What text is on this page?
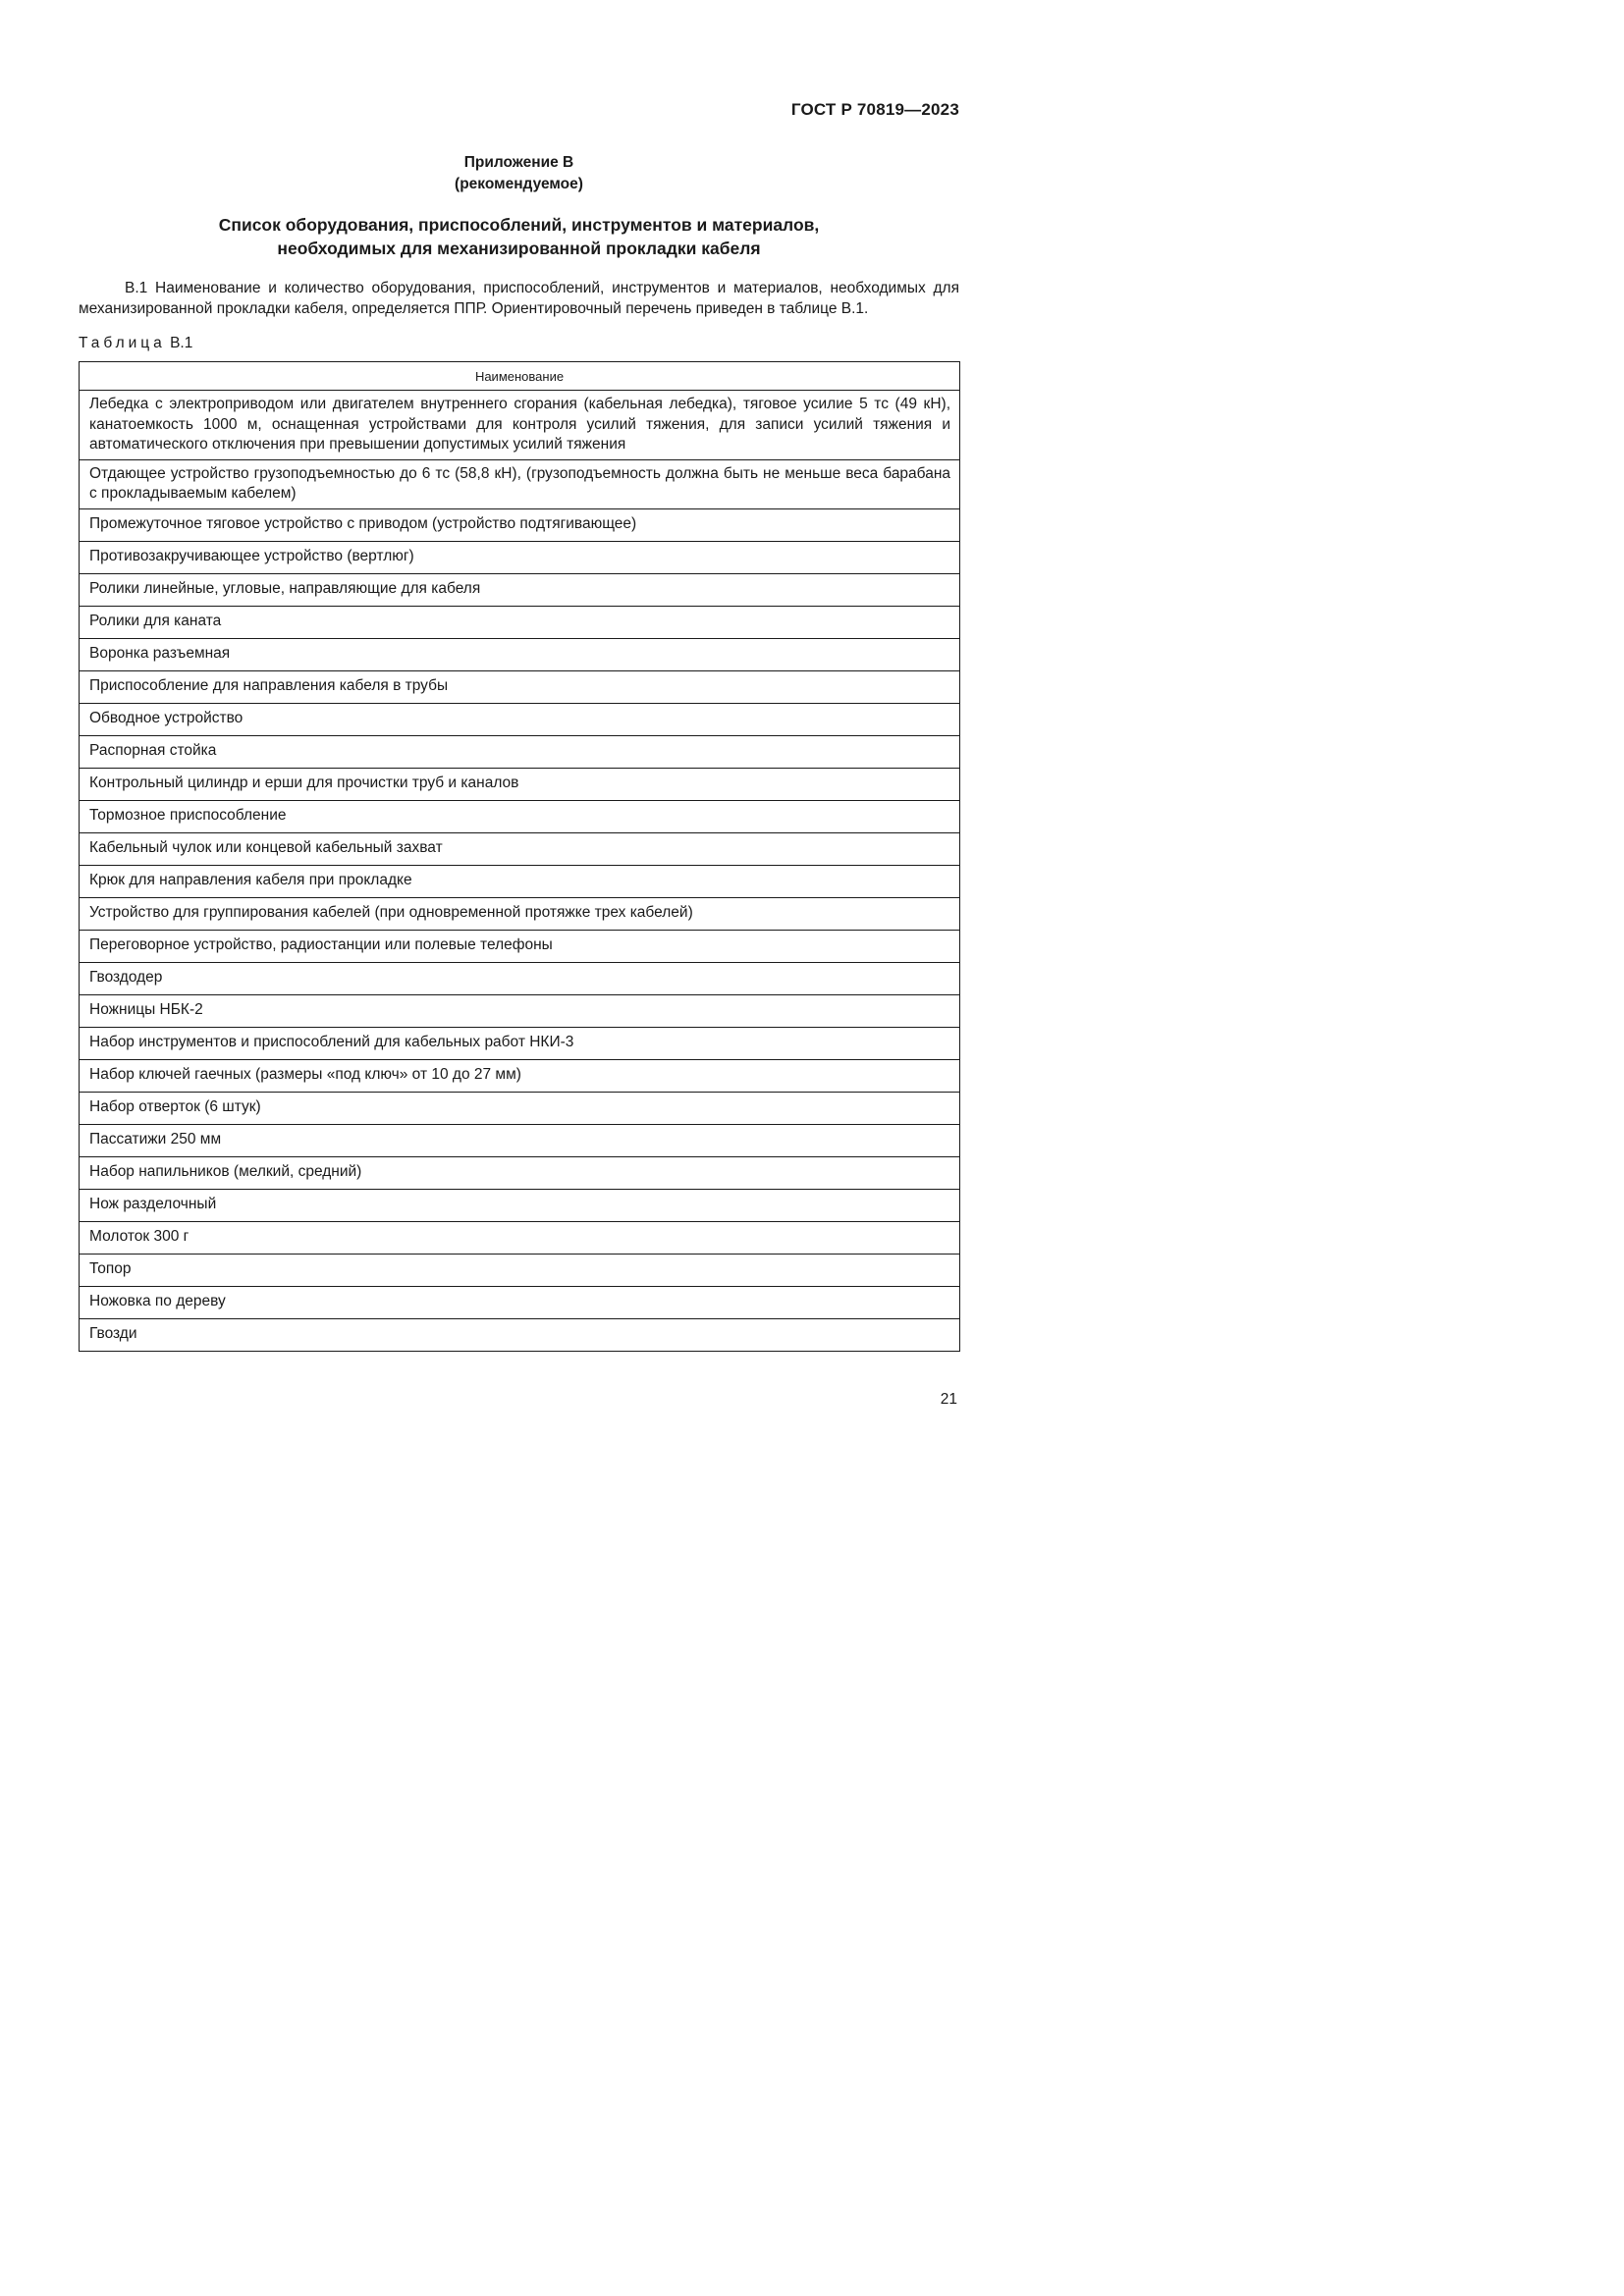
ГОСТ Р 70819—2023
Приложение В
(рекомендуемое)
Список оборудования, приспособлений, инструментов и материалов,
необходимых для механизированной прокладки кабеля

В.1 Наименование и количество оборудования, приспособлений, инструментов и материалов, необходимых для механизированной прокладки кабеля, определяется ППР. Ориентировочный перечень приведен в таблице В.1.

Таблица В.1
Наименование
Лебедка с электроприводом или двигателем внутреннего сгорания (кабельная лебедка), тяговое усилие 5 тс (49 кН), канатоемкость 1000 м, оснащенная устройствами для контроля усилий тяжения, для записи усилий тяжения и автоматического отключения при превышении допустимых усилий тяжения
Отдающее устройство грузоподъемностью до 6 тс (58,8 кН), (грузоподъемность должна быть не меньше веса барабана с прокладываемым кабелем)
Промежуточное тяговое устройство с приводом (устройство подтягивающее)
Противозакручивающее устройство (вертлюг)
Ролики линейные, угловые, направляющие для кабеля
Ролики для каната
Воронка разъемная
Приспособление для направления кабеля в трубы
Обводное устройство
Распорная стойка
Контрольный цилиндр и ерши для прочистки труб и каналов
Тормозное приспособление
Кабельный чулок или концевой кабельный захват
Крюк для направления кабеля при прокладке
Устройство для группирования кабелей (при одновременной протяжке трех кабелей)
Переговорное устройство, радиостанции или полевые телефоны
Гвоздодер
Ножницы НБК-2
Набор инструментов и приспособлений для кабельных работ НКИ-3
Набор ключей гаечных (размеры «под ключ» от 10 до 27 мм)
Набор отверток (6 штук)
Пассатижи 250 мм
Набор напильников (мелкий, средний)
Нож разделочный
Молоток 300 г
Топор
Ножовка по дереву
Гвозди
21
